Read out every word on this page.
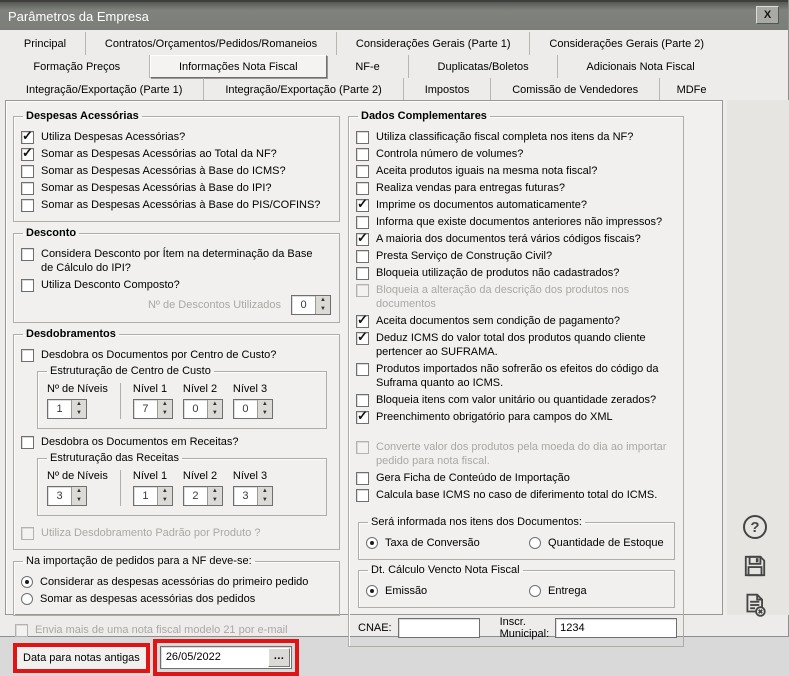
Parâmetros da Empresa	X
Principal	Contratos/Orçamentos/Pedidos/Romaneios	Considerações Gerais (Parte 1)	Considerações Gerais (Parte 2)
Formação Preços	Informações Nota Fiscal	NF-e	Duplicatas/Boletos	Adicionais Nota Fiscal
Integração/Exportação (Parte 1)	Integração/Exportação (Parte 2)	Impostos	Comissão de Vendedores	MDFe
Despesas Acessórias
✓
Utiliza Despesas Acessórias?
✓
Somar as Despesas Acessórias ao Total da NF?
Somar as Despesas Acessórias à Base do ICMS?
Somar as Despesas Acessórias à Base do IPI?
Somar as Despesas Acessórias à Base do PIS/COFINS?
Desconto
Considera Desconto por Ítem na determinação da Base de Cálculo do IPI?
Utiliza Desconto Composto?
Nº de Descontos Utilizados	0	▲
▼
Desdobramentos
Desdobra os Documentos por Centro de Custo?
Estruturação de Centro de Custo
Nº de Níveis
1	▲
▼
Nível 1
7	▲
▼
Nível 2
0	▲
▼
Nível 3
0	▲
▼
Desdobra os Documentos em Receitas?
Estruturação das Receitas
Nº de Níveis
3	▲
▼
Nível 1
1	▲
▼
Nível 2
2	▲
▼
Nível 3
3	▲
▼
Utiliza Desdobramento Padrão por Produto ?
Na importação de pedidos para a NF deve-se:
Considerar as despesas acessórias do primeiro pedido
Somar as despesas acessórias dos pedidos
Envia mais de uma nota fiscal modelo 21 por e-mail
Data para notas antigas	26/05/2022	…
Dados Complementares
Utiliza classificação fiscal completa nos itens da NF?
Controla número de volumes?
Aceita produtos iguais na mesma nota fiscal?
Realiza vendas para entregas futuras?
✓
Imprime os documentos automaticamente?
Informa que existe documentos anteriores não impressos?
✓
A maioria dos documentos terá vários códigos fiscais?
Presta Serviço de Construção Civil?
Bloqueia utilização de produtos não cadastrados?
Bloqueia a alteração da descrição dos produtos nos documentos
✓
Aceita documentos sem condição de pagamento?
✓
Deduz ICMS do valor total dos produtos quando cliente pertencer ao SUFRAMA.
Produtos importados não sofrerão os efeitos do código da Suframa quanto ao ICMS.
Bloqueia itens com valor unitário ou quantidade zerados?
✓
Preenchimento obrigatório para campos do XML
Converte valor dos produtos pela moeda do dia ao importar pedido para nota fiscal.
Gera Ficha de Conteúdo de Importação
Calcula base ICMS no caso de diferimento total do ICMS.
Será informada nos itens dos Documentos:
Taxa de Conversão	Quantidade de Estoque
Dt. Cálculo Vencto Nota Fiscal
Emissão	Entrega
CNAE:	Inscr. Municipal:
1234
?
